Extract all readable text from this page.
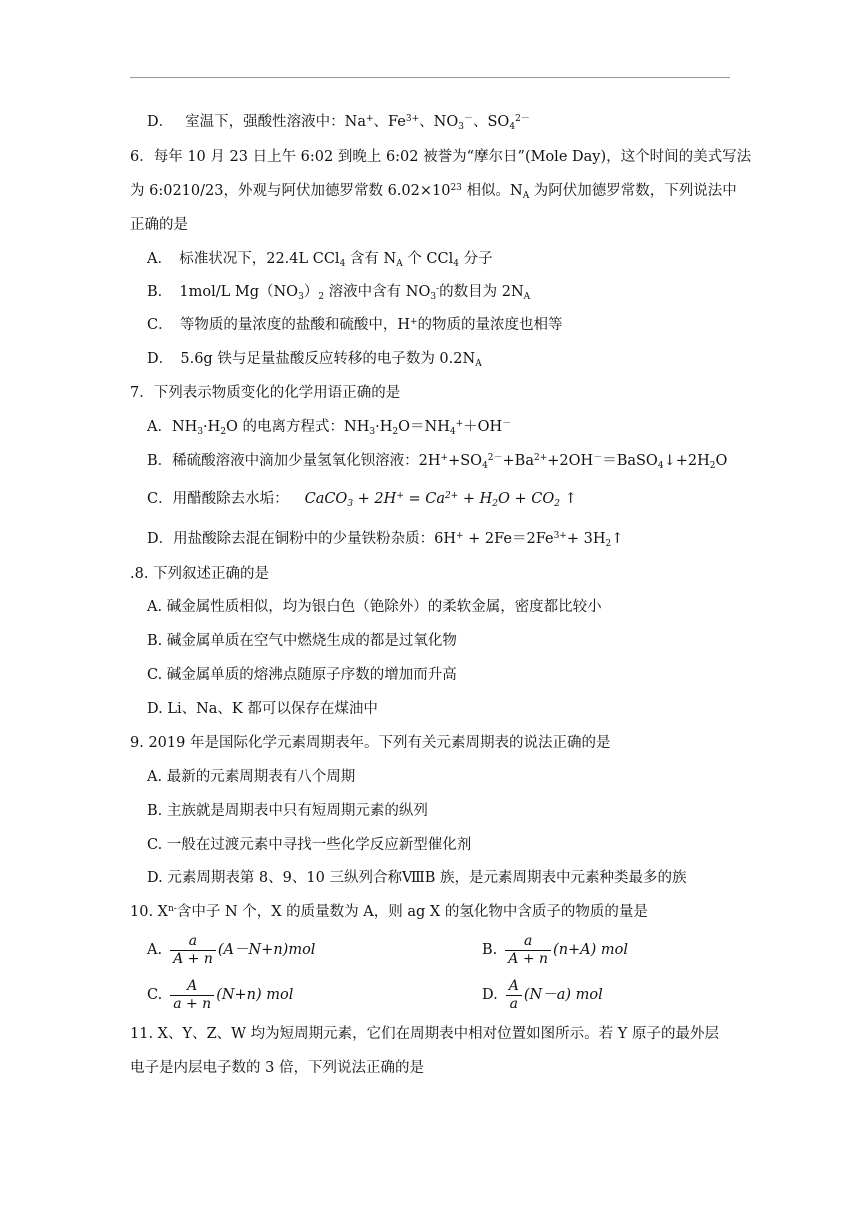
D． 室温下，强酸性溶液中：Na+、$Fe^{3+}$、$NO_3^-$、$SO_4^{2-}$
6．每年 10 月 23 日上午 6:02 到晚上 6:02 被誉为“摩尔日”(Mole Day)，这个时间的美式写法
为 6:0210/23，外观与阿伏加德罗常数 $6.02\times 10^{23}$ 相似。$N_A$ 为阿伏加德罗常数，下列说法中
正确的是
A．　标准状况下，22.4L CCl$_4$ 含有 $N_A$ 个 CCl$_4$ 分子
B．　1mol/L $Mg(NO_3)_2$ 溶液中含有 $NO_3^-$的数目为 $2N_A$
C．　等物质的量浓度的盐酸和硫酸中，H+的物质的量浓度也相等
D．　5.6g 铁与足量盐酸反应转移的电子数为 $0.2N_A$
7．下列表示物质变化的化学用语正确的是
A．$NH_3\cdot H_2O$ 的电离方程式：$NH_3\cdot H_2O=NH_4^++OH^-$
B．稀硫酸溶液中滴加少量氢氧化钡溶液：$2H^++SO_4^{2-}+Ba^{2+}+2OH^-=BaSO_4↓+2H_2O$
C．用醋酸除去水垢： CaCO$_3$ + $2H^+ = Ca^{2+} + H_2O + CO_2$ ↑
D．用盐酸除去混在铜粉中的少量铁粉杂质：$6H^+ + 2Fe=2Fe^{3+}+$ $3H_2↑$
.8. 下列叙述正确的是
A. 碱金属性质相似，均为银白色（铯除外）的柔软金属，密度都比较小
B. 碱金属单质在空气中燃烧生成的都是过氧化物
C. 碱金属单质的熔沸点随原子序数的增加而升高
D. Li、Na、K 都可以保存在煤油中
9. 2019 年是国际化学元素周期表年。下列有关元素周期表的说法正确的是
A. 最新的元素周期表有八个周期
B. 主族就是周期表中只有短周期元素的纵列
C. 一般在过渡元素中寻找一些化学反应新型催化剂
D. 元素周期表第 8、9、10 三纵列合称ⅧB 族，是元素周期表中元素种类最多的族
10. $X^{n-}$含中子 N 个，X 的质量数为 A，则 ag X 的氢化物中含质子的物质的量是
A. $\frac{a}{A + n} (A-N+n)mol$	B. $\frac{a}{A + n} (n+A)$ mol
C. $\frac{A}{a + n} (N+n)$ mol	D. $\frac{A}{a} (N-a)$ mol
11. X、Y、Z、W 均为短周期元素，它们在周期表中相对位置如图所示。若 Y 原子的最外层
电子是内层电子数的 3 倍，下列说法正确的是
